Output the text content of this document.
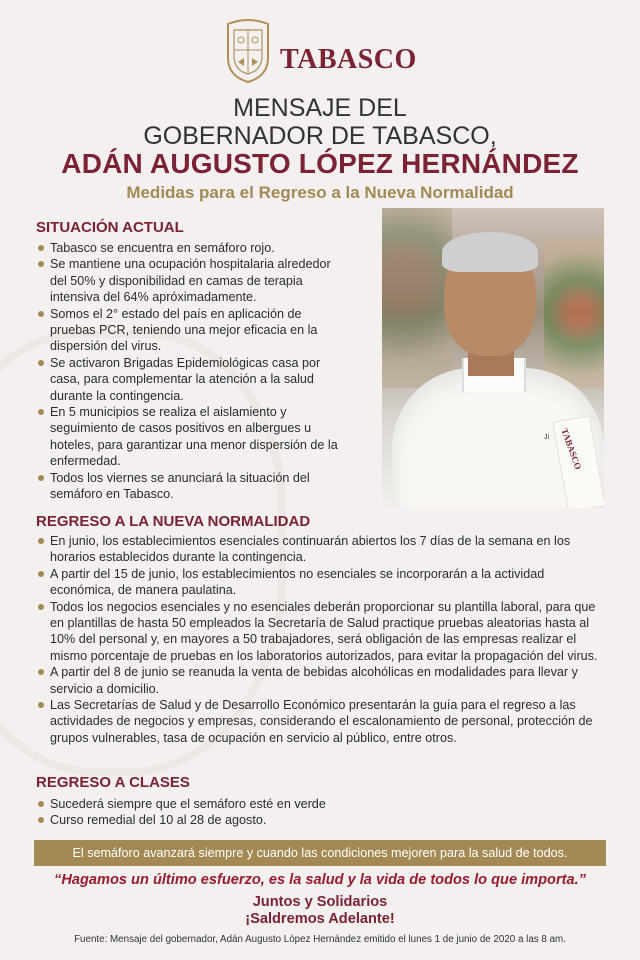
TABASCO
MENSAJE DEL
GOBERNADOR DE TABASCO,
ADÁN AUGUSTO LÓPEZ HERNÁNDEZ
Medidas para el Regreso a la Nueva Normalidad
SITUACIÓN ACTUAL
Tabasco se encuentra en semáforo rojo.
Se mantiene una ocupación hospitalaria alrededor del 50% y disponibilidad en camas de terapia intensiva del 64% apróximadamente.
Somos el 2° estado del país en aplicación de pruebas PCR, teniendo una mejor eficacia en la dispersión del virus.
Se activaron Brigadas Epidemiológicas casa por casa, para complementar la atención a la salud durante la contingencia.
En 5 municipios se realiza el aislamiento y seguimiento de casos positivos en albergues u hoteles, para garantizar una menor dispersión de la enfermedad.
Todos los viernes se anunciará la situación del semáforo en Tabasco.
TABASCO
Ji
REGRESO A LA NUEVA NORMALIDAD
En junio, los establecimientos esenciales continuarán abiertos los 7 días de la semana en los horarios establecidos durante la contingencia.
A partir del 15 de junio, los establecimientos no esenciales se incorporarán a la actividad económica, de manera paulatina.
Todos los negocios esenciales y no esenciales deberán proporcionar su plantilla laboral, para que en plantillas de hasta 50 empleados la Secretaría de Salud practique pruebas aleatorias hasta al 10% del personal y, en mayores a 50 trabajadores, será obligación de las empresas realizar el mismo porcentaje de pruebas en los laboratorios autorizados, para evitar la propagación del virus.
A partir del 8 de junio se reanuda la venta de bebidas alcohólicas en modalidades para llevar y servicio a domicilio.
Las Secretarías de Salud y de Desarrollo Económico presentarán la guía para el regreso a las actividades de negocios y empresas, considerando el escalonamiento de personal, protección de grupos vulnerables, tasa de ocupación en servicio al público, entre otros.
REGRESO A CLASES
Sucederá siempre que el semáforo esté en verde
Curso remedial del 10 al 28 de agosto.
El semáforo avanzará siempre y cuando las condiciones mejoren para la salud de todos.
“Hagamos un último esfuerzo, es la salud y la vida de todos lo que importa.”
Juntos y Solidarios
¡Saldremos Adelante!
Fuente: Mensaje del gobernador, Adán Augusto López Hernández emitido el lunes 1 de junio de 2020 a las 8 am.
